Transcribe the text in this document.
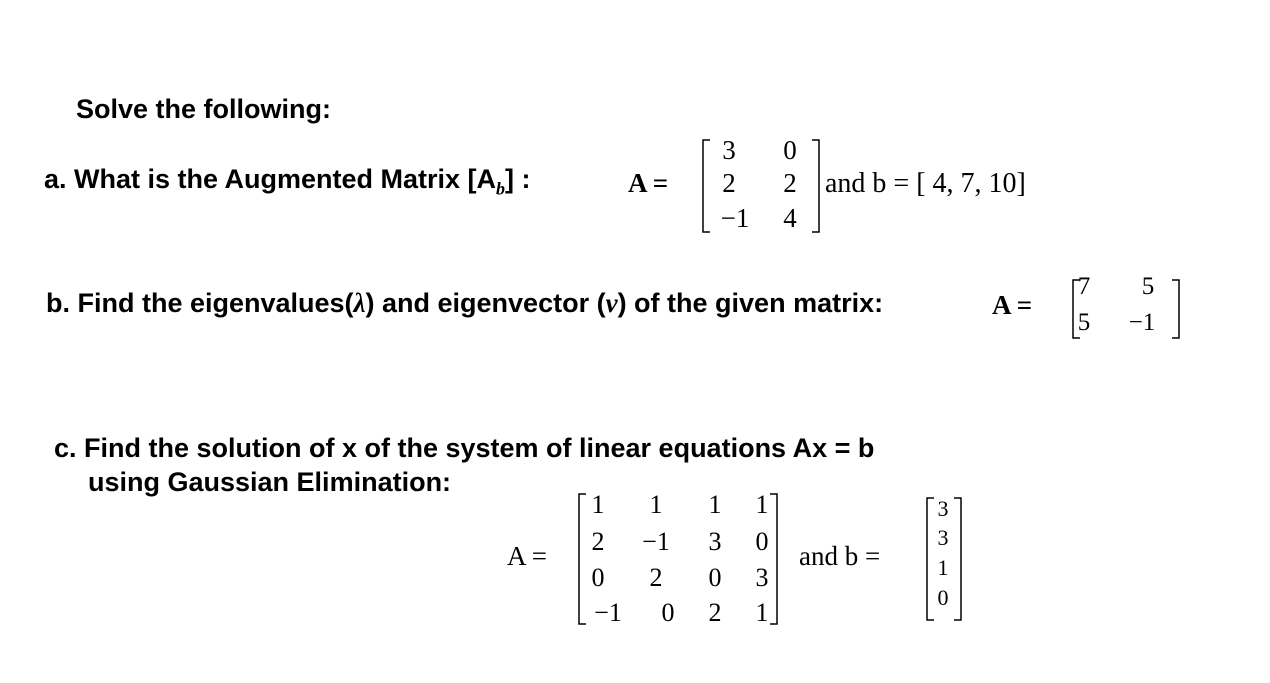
Solve the following:
a. What is the Augmented Matrix $[A_b]$ :	A =
3	0
2	2
−1	4
and b = [ 4, 7, 10]
b. Find the eigenvalues(λ) and eigenvector (v) of the given matrix:	A =
7	5
5	−1
c. Find the solution of x of the system of linear equations Ax = b
using Gaussian Elimination:
A =
1	1	1	1
2	−1	3	0
0	2	0	3
−1	0	2	1
and b =
3
3
1
0
